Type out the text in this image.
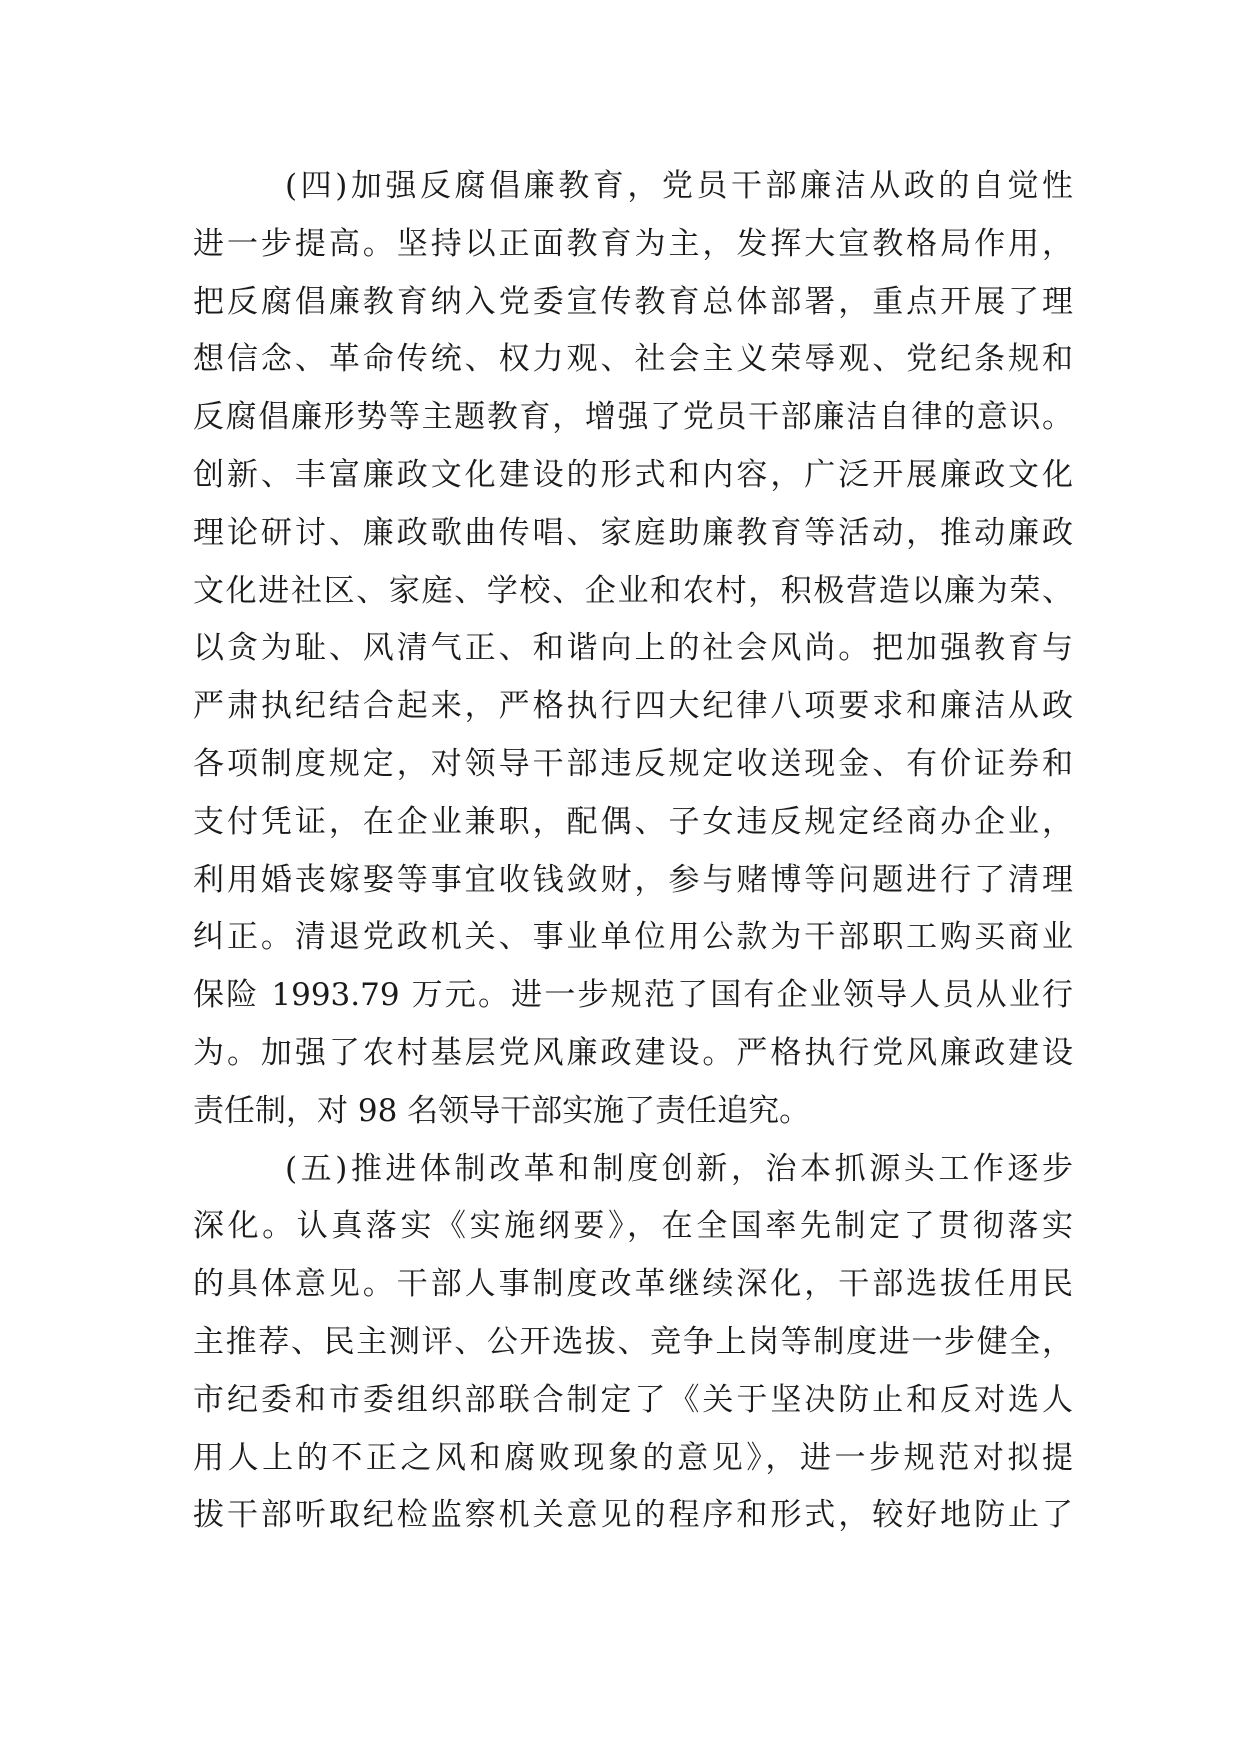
(四)加强反腐倡廉教育，党员干部廉洁从政的自觉性
进一步提高。坚持以正面教育为主，发挥大宣教格局作用，
把反腐倡廉教育纳入党委宣传教育总体部署，重点开展了理
想信念、革命传统、权力观、社会主义荣辱观、党纪条规和
反腐倡廉形势等主题教育，增强了党员干部廉洁自律的意识。
创新、丰富廉政文化建设的形式和内容，广泛开展廉政文化
理论研讨、廉政歌曲传唱、家庭助廉教育等活动，推动廉政
文化进社区、家庭、学校、企业和农村，积极营造以廉为荣、
以贪为耻、风清气正、和谐向上的社会风尚。把加强教育与
严肃执纪结合起来，严格执行四大纪律八项要求和廉洁从政
各项制度规定，对领导干部违反规定收送现金、有价证券和
支付凭证，在企业兼职，配偶、子女违反规定经商办企业，
利用婚丧嫁娶等事宜收钱敛财，参与赌博等问题进行了清理
纠正。清退党政机关、事业单位用公款为干部职工购买商业
保险 1993.79 万元。进一步规范了国有企业领导人员从业行
为。加强了农村基层党风廉政建设。严格执行党风廉政建设
责任制，对 98 名领导干部实施了责任追究。
(五)推进体制改革和制度创新，治本抓源头工作逐步
深化。认真落实《实施纲要》，在全国率先制定了贯彻落实
的具体意见。干部人事制度改革继续深化，干部选拔任用民
主推荐、民主测评、公开选拔、竞争上岗等制度进一步健全，
市纪委和市委组织部联合制定了《关于坚决防止和反对选人
用人上的不正之风和腐败现象的意见》，进一步规范对拟提
拔干部听取纪检监察机关意见的程序和形式，较好地防止了
